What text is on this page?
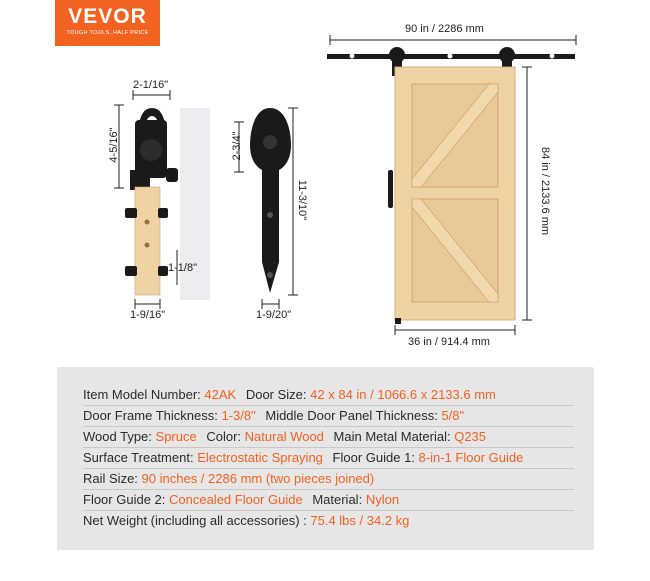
VEVOR
TOUGH TOOLS, HALF PRICE
2-1/16"
4-5/16"
1-1/8"
1-9/16"
2-3/4"
11-3/10"
1-9/20"
90 in / 2286 mm
84 in / 2133.6 mm
36 in / 914.4 mm
Item Model Number: 42AK Door Size: 42 x 84 in / 1066.6 x 2133.6 mm
Door Frame Thickness: 1-3/8" Middle Door Panel Thickness: 5/8"
Wood Type: Spruce Color: Natural Wood Main Metal Material: Q235
Surface Treatment: Electrostatic Spraying Floor Guide 1: 8-in-1 Floor Guide
Rail Size: 90 inches / 2286 mm (two pieces joined)
Floor Guide 2: Concealed Floor Guide Material: Nylon
Net Weight (including all accessories) : 75.4 lbs / 34.2 kg
